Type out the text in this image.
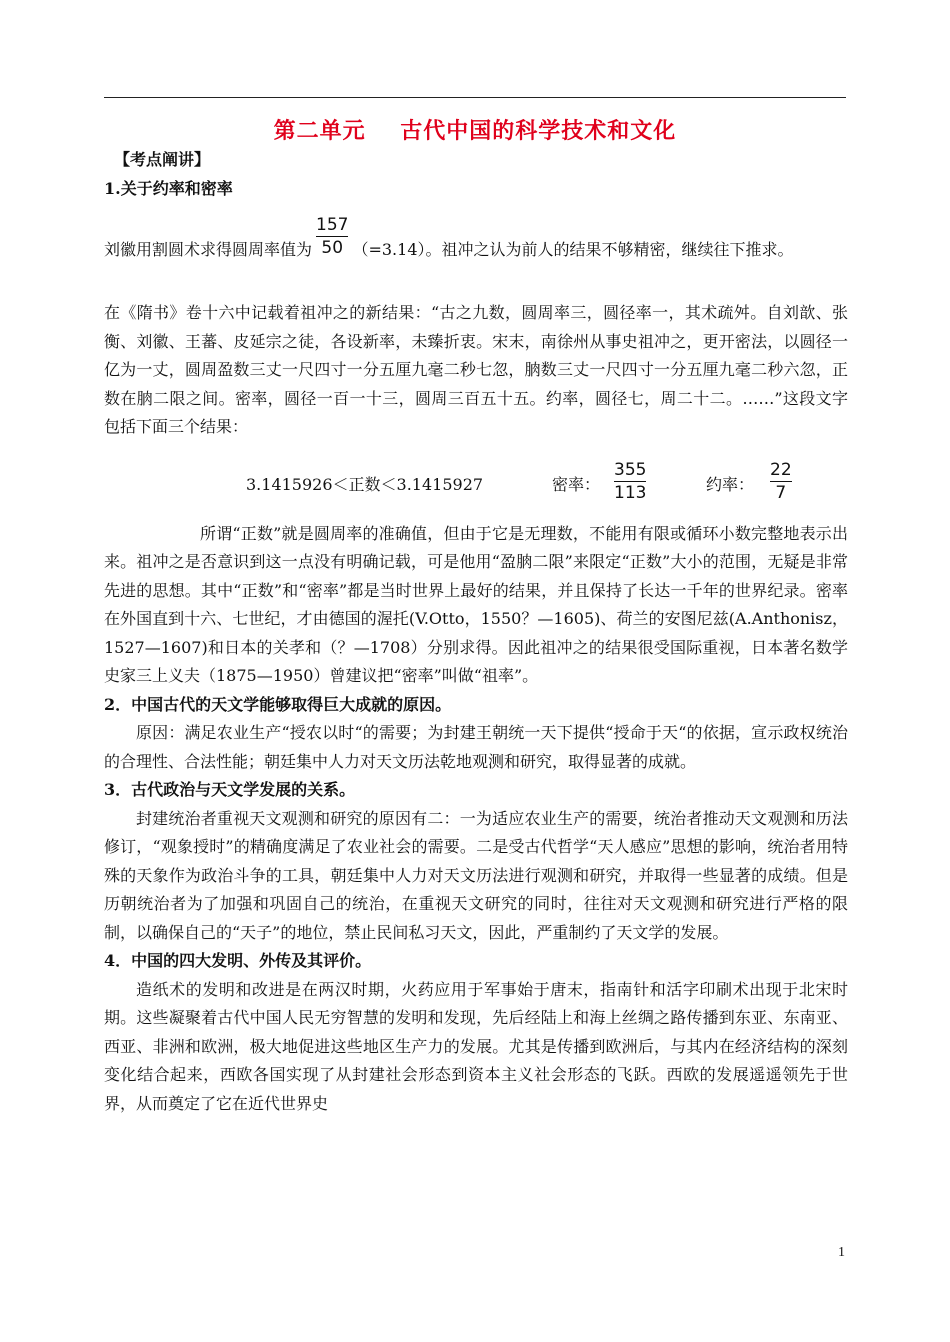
第二单元    古代中国的科学技术和文化

【考点阐讲】

1.关于约率和密率

刘徽用割圆术求得圆周率值为 $\frac{157}{50} (=3.14)$。祖冲之认为前人的结果不够精密，继续往下推求。

在《隋书》卷十六中记载着祖冲之的新结果：“古之九数，圆周率三，圆径率一，其术疏舛。自刘歆、张衡、刘徽、王蕃、皮延宗之徒，各设新率，未臻折衷。宋末，南徐州从事史祖冲之，更开密法，以圆径一亿为一丈，圆周盈数三丈一尺四寸一分五厘九毫二秒七忽，朒数三丈一尺四寸一分五厘九毫二秒六忽，正数在朒二限之间。密率，圆径一百一十三，圆周三百五十五。约率，圆径七，周二十二。……”这段文字包括下面三个结果：

3.1415926＜正数＜3.1415927	密率：
355
113	约率：
22
7

所谓“正数”就是圆周率的准确值，但由于它是无理数，不能用有限或循环小数完整地表示出来。祖冲之是否意识到这一点没有明确记载，可是他用“盈朒二限”来限定“正数”大小的范围，无疑是非常先进的思想。其中“正数”和“密率”都是当时世界上最好的结果，并且保持了长达一千年的世界纪录。密率在外国直到十六、七世纪，才由德国的渥托(V.Otto，1550？—1605)、荷兰的安图尼兹(A.Anthonisz，1527—1607)和日本的关孝和（？—1708）分别求得。因此祖冲之的结果很受国际重视，日本著名数学史家三上义夫（1875—1950）曾建议把“密率”叫做“祖率”。

2．中国古代的天文学能够取得巨大成就的原因。

原因：满足农业生产“授农以时“的需要；为封建王朝统一天下提供“授命于天“的依据，宣示政权统治的合理性、合法性能；朝廷集中人力对天文历法乾地观测和研究，取得显著的成就。

3．古代政治与天文学发展的关系。

封建统治者重视天文观测和研究的原因有二：一为适应农业生产的需要，统治者推动天文观测和历法修订，“观象授时”的精确度满足了农业社会的需要。二是受古代哲学“天人感应”思想的影响，统治者用特殊的天象作为政治斗争的工具，朝廷集中人力对天文历法进行观测和研究，并取得一些显著的成绩。但是历朝统治者为了加强和巩固自己的统治，在重视天文研究的同时，往往对天文观测和研究进行严格的限制，以确保自己的“天子”的地位，禁止民间私习天文，因此，严重制约了天文学的发展。

4．中国的四大发明、外传及其评价。

造纸术的发明和改进是在两汉时期，火药应用于军事始于唐末，指南针和活字印刷术出现于北宋时期。这些凝聚着古代中国人民无穷智慧的发明和发现，先后经陆上和海上丝绸之路传播到东亚、东南亚、西亚、非洲和欧洲，极大地促进这些地区生产力的发展。尤其是传播到欧洲后，与其内在经济结构的深刻变化结合起来，西欧各国实现了从封建社会形态到资本主义社会形态的飞跃。西欧的发展遥遥领先于世界，从而奠定了它在近代世界史

1
